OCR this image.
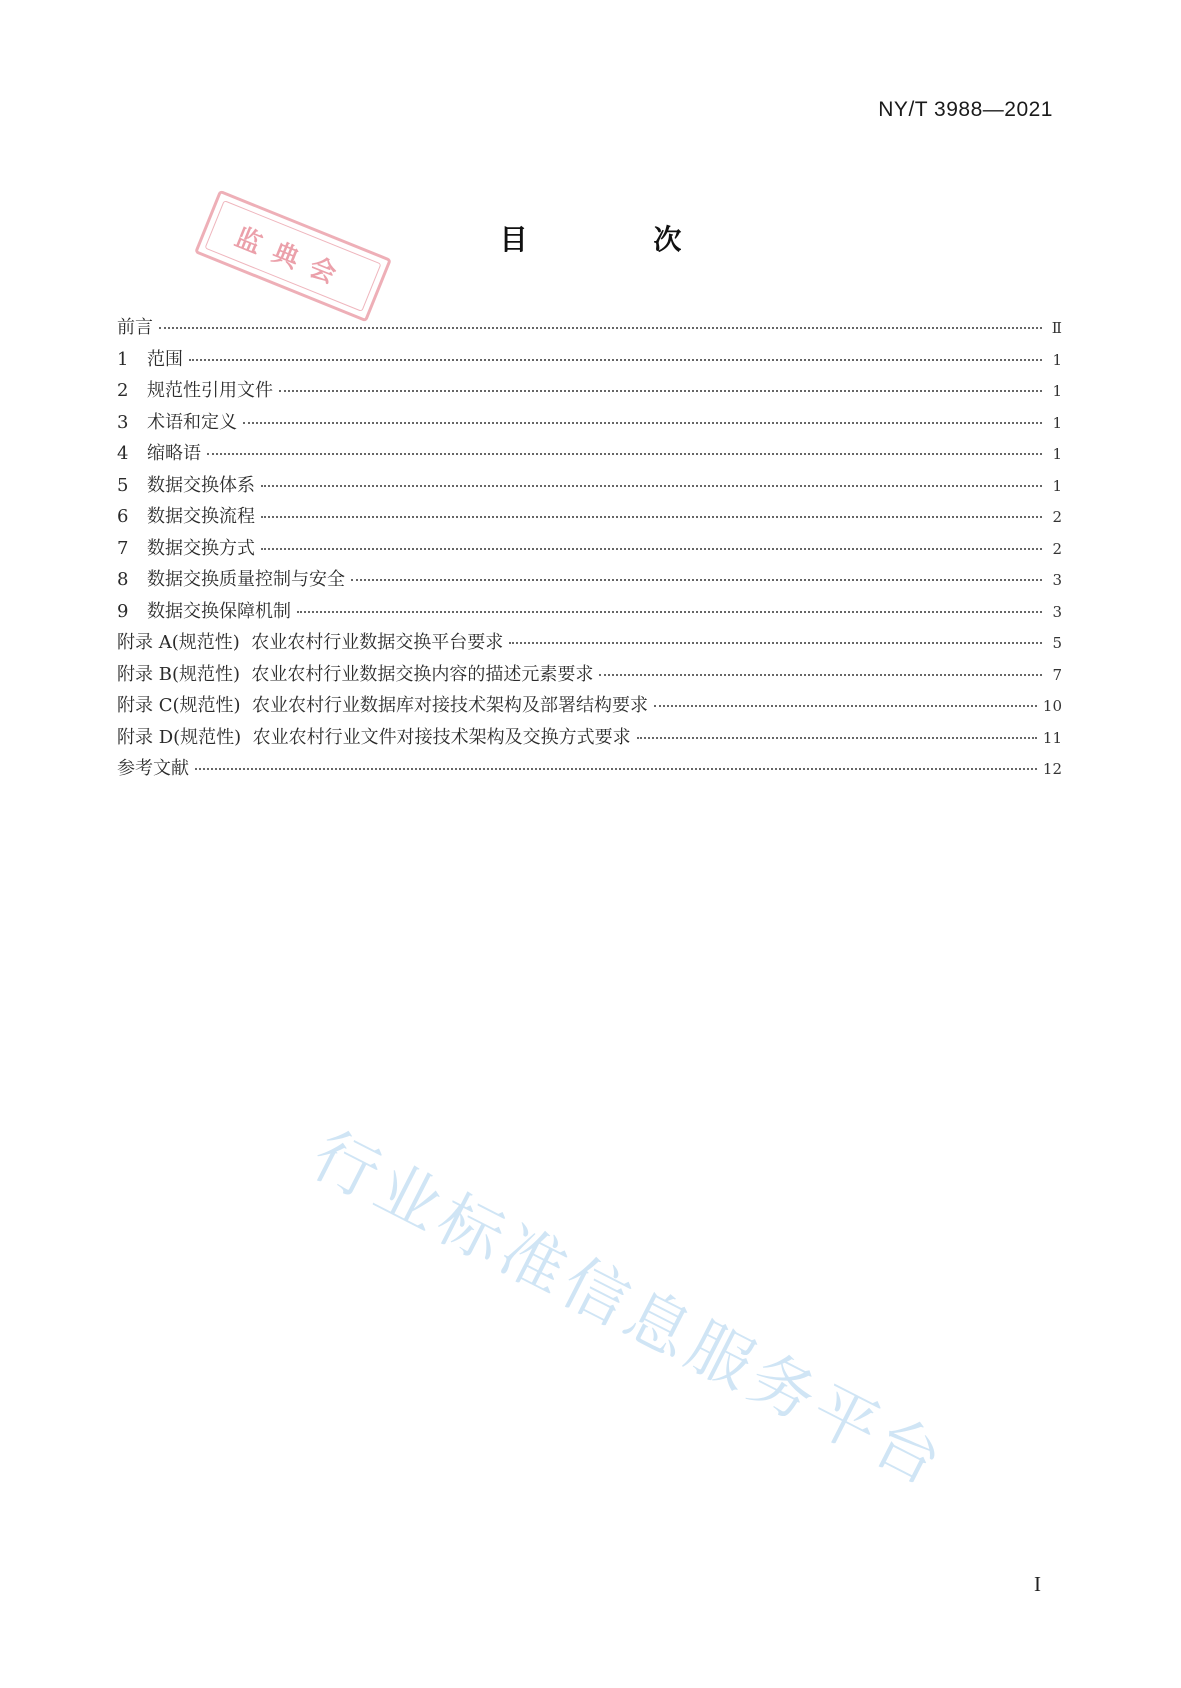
NY/T 3988—2021
监典会	目 次
前言	Ⅱ
1	范围	1
2	规范性引用文件	1
3	术语和定义	1
4	缩略语	1
5	数据交换体系	1
6	数据交换流程	2
7	数据交换方式	2
8	数据交换质量控制与安全	3
9	数据交换保障机制	3
附录 A(规范性)  农业农村行业数据交换平台要求	5
附录 B(规范性)  农业农村行业数据交换内容的描述元素要求	7
附录 C(规范性)  农业农村行业数据库对接技术架构及部署结构要求	10
附录 D(规范性)  农业农村行业文件对接技术架构及交换方式要求	11
参考文献	12
行业标准信息服务平台
I
